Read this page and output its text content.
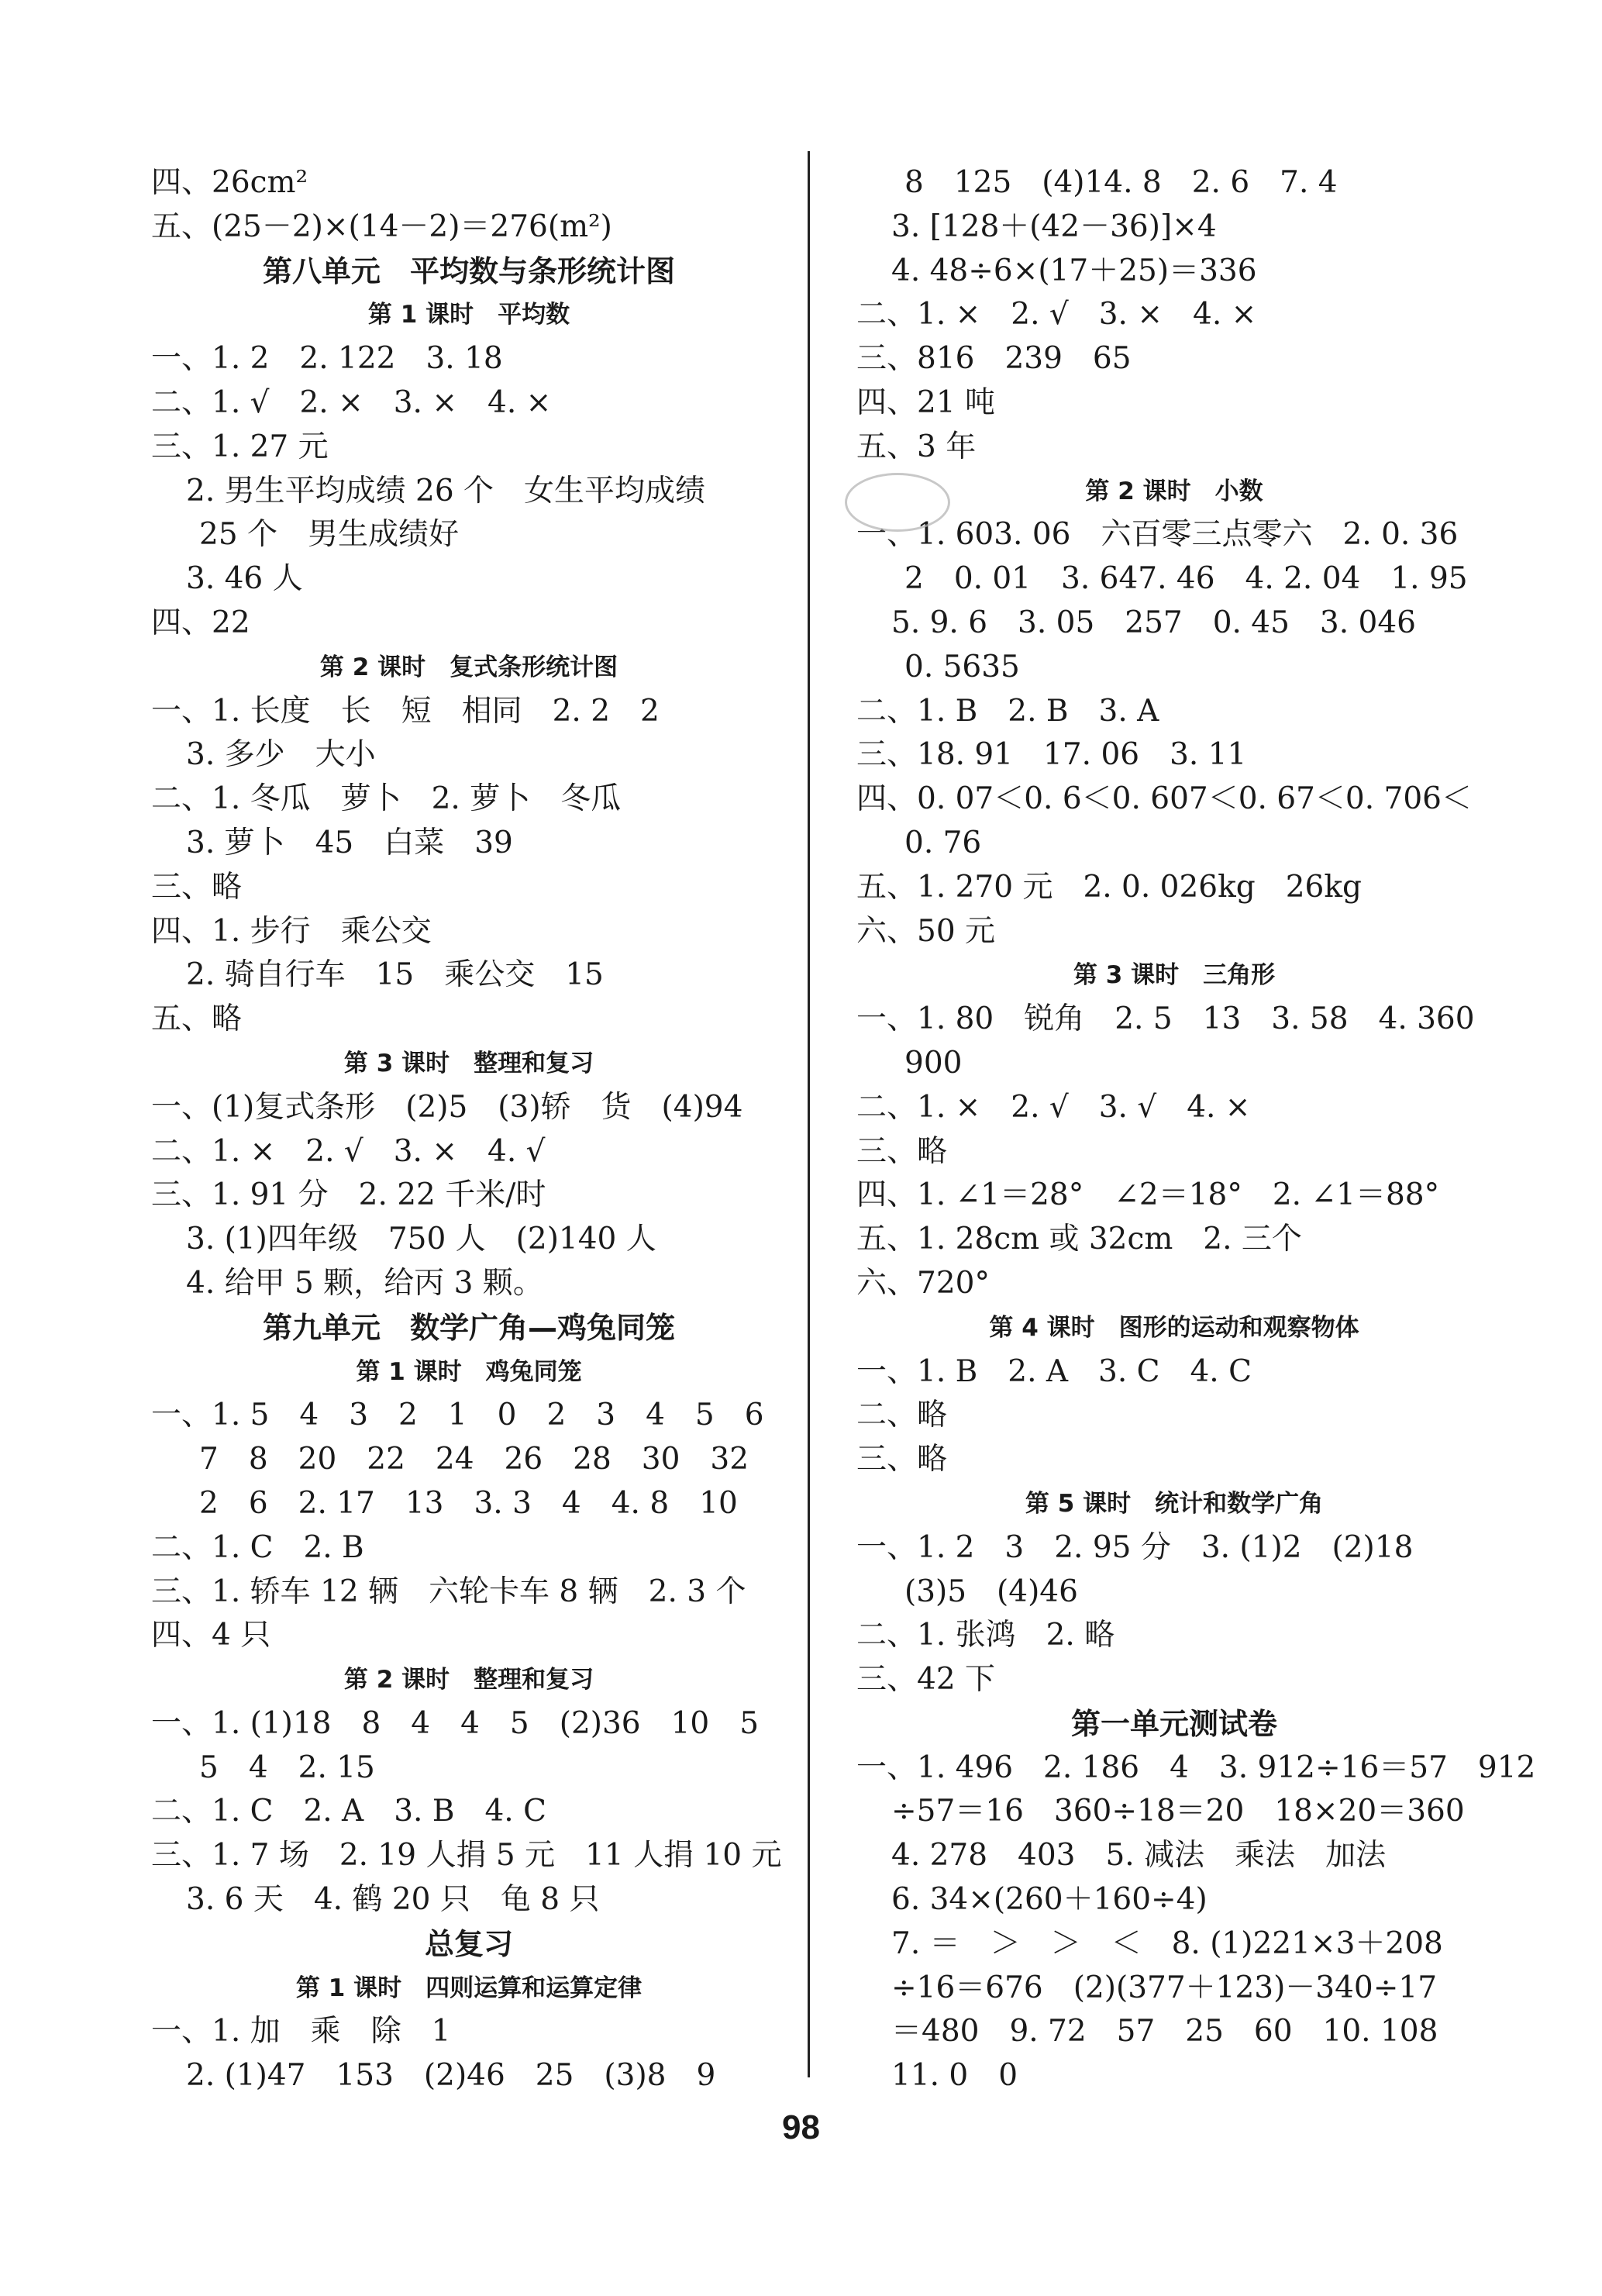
四、26cm²
五、(25－2)×(14－2)＝276(m²)
第八单元　平均数与条形统计图
第 1 课时　平均数
一、1. 2　2. 122　3. 18
二、1. √　2. ×　3. ×　4. ×
三、1. 27 元
2. 男生平均成绩 26 个　女生平均成绩
25 个　男生成绩好
3. 46 人
四、22
第 2 课时　复式条形统计图
一、1. 长度　长　短　相同　2. 2　2
3. 多少　大小
二、1. 冬瓜　萝卜　2. 萝卜　冬瓜
3. 萝卜　45　白菜　39
三、略
四、1. 步行　乘公交
2. 骑自行车　15　乘公交　15
五、略
第 3 课时　整理和复习
一、(1)复式条形　(2)5　(3)轿　货　(4)94
二、1. ×　2. √　3. ×　4. √
三、1. 91 分　2. 22 千米/时
3. (1)四年级　750 人　(2)140 人
4. 给甲 5 颗，给丙 3 颗。
第九单元　数学广角—鸡兔同笼
第 1 课时　鸡兔同笼
一、1. 5　4　3　2　1　0　2　3　4　5　6
7　8　20　22　24　26　28　30　32
2　6　2. 17　13　3. 3　4　4. 8　10
二、1. C　2. B
三、1. 轿车 12 辆　六轮卡车 8 辆　2. 3 个
四、4 只
第 2 课时　整理和复习
一、1. (1)18　8　4　4　5　(2)36　10　5
5　4　2. 15
二、1. C　2. A　3. B　4. C
三、1. 7 场　2. 19 人捐 5 元　11 人捐 10 元
3. 6 天　4. 鹤 20 只　龟 8 只
总复习
第 1 课时　四则运算和运算定律
一、1. 加　乘　除　1
2. (1)47　153　(2)46　25　(3)8　9
8　125　(4)14. 8　2. 6　7. 4
3. [128＋(42－36)]×4
4. 48÷6×(17＋25)＝336
二、1. ×　2. √　3. ×　4. ×
三、816　239　65
四、21 吨
五、3 年
第 2 课时　小数
一、1. 603. 06　六百零三点零六　2. 0. 36
2　0. 01　3. 647. 46　4. 2. 04　1. 95
5. 9. 6　3. 05　257　0. 45　3. 046
0. 5635
二、1. B　2. B　3. A
三、18. 91　17. 06　3. 11
四、0. 07＜0. 6＜0. 607＜0. 67＜0. 706＜
0. 76
五、1. 270 元　2. 0. 026kg　26kg
六、50 元
第 3 课时　三角形
一、1. 80　锐角　2. 5　13　3. 58　4. 360
900
二、1. ×　2. √　3. √　4. ×
三、略
四、1. ∠1＝28°　∠2＝18°　2. ∠1＝88°
五、1. 28cm 或 32cm　2. 三个
六、720°
第 4 课时　图形的运动和观察物体
一、1. B　2. A　3. C　4. C
二、略
三、略
第 5 课时　统计和数学广角
一、1. 2　3　2. 95 分　3. (1)2　(2)18
(3)5　(4)46
二、1. 张鸿　2. 略
三、42 下
第一单元测试卷
一、1. 496　2. 186　4　3. 912÷16＝57　912
÷57＝16　360÷18＝20　18×20＝360
4. 278　403　5. 减法　乘法　加法
6. 34×(260＋160÷4)
7. ＝　＞　＞　＜　8. (1)221×3＋208
÷16＝676　(2)(377＋123)－340÷17
＝480　9. 72　57　25　60　10. 108
11. 0　0
98
